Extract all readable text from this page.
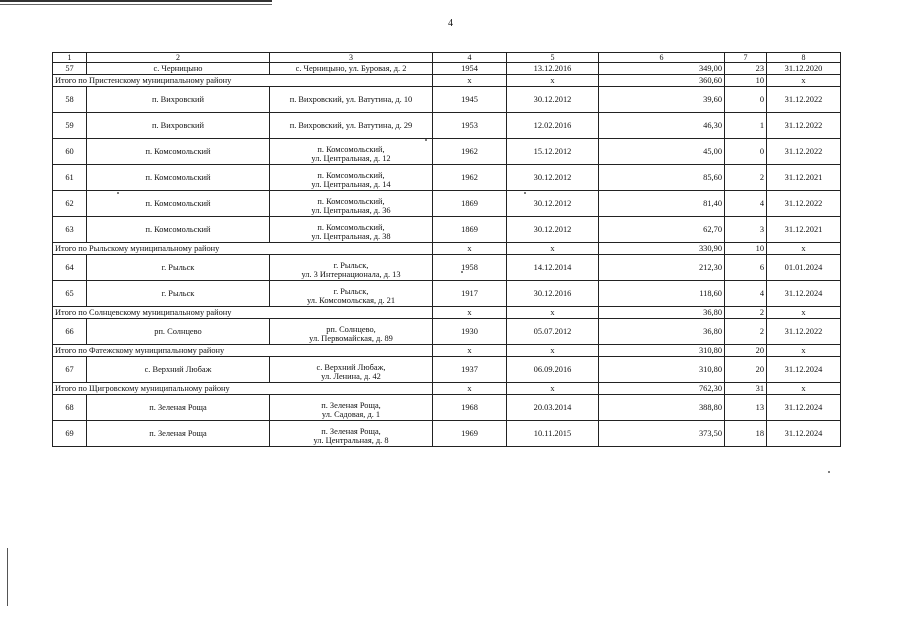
4
1	2	3	4	5	6	7	8
57	с. Черницыно	с. Черницыно, ул. Буровая, д. 2	1954	13.12.2016	349,00	23	31.12.2020
Итого по Пристенскому муниципальному району			х	х	360,60	10	х
58	п. Вихровский	п. Вихровский, ул. Ватутина, д. 10	1945	30.12.2012	39,60	0	31.12.2022
59	п. Вихровский	п. Вихровский, ул. Ватутина, д. 29	1953	12.02.2016	46,30	1	31.12.2022
60	п. Комсомольский	п. Комсомольский,
ул. Центральная, д. 12	1962	15.12.2012	45,00	0	31.12.2022
61	п. Комсомольский	п. Комсомольский,
ул. Центральная, д. 14	1962	30.12.2012	85,60	2	31.12.2021
62	п. Комсомольский	п. Комсомольский,
ул. Центральная, д. 36	1869	30.12.2012	81,40	4	31.12.2022
63	п. Комсомольский	п. Комсомольский,
ул. Центральная, д. 38	1869	30.12.2012	62,70	3	31.12.2021
Итого по Рыльскому муниципальному району			х	х	330,90	10	х
64	г. Рыльск	г. Рыльск,
ул. 3 Интернационала, д. 13	1958	14.12.2014	212,30	6	01.01.2024
65	г. Рыльск	г. Рыльск,
ул. Комсомольская, д. 21	1917	30.12.2016	118,60	4	31.12.2024
Итого по Солнцевскому муниципальному району			х	х	36,80	2	х
66	рп. Солнцево	рп. Солнцево,
ул. Первомайская, д. 89	1930	05.07.2012	36,80	2	31.12.2022
Итого по Фатежскому муниципальному району			х	х	310,80	20	х
67	с. Верхний Любаж	с. Верхний Любаж,
ул. Ленина, д. 42	1937	06.09.2016	310,80	20	31.12.2024
Итого по Щигровскому муниципальному району			х	х	762,30	31	х
68	п. Зеленая Роща	п. Зеленая Роща,
ул. Садовая, д. 1	1968	20.03.2014	388,80	13	31.12.2024
69	п. Зеленая Роща	п. Зеленая Роща,
ул. Центральная, д. 8	1969	10.11.2015	373,50	18	31.12.2024
